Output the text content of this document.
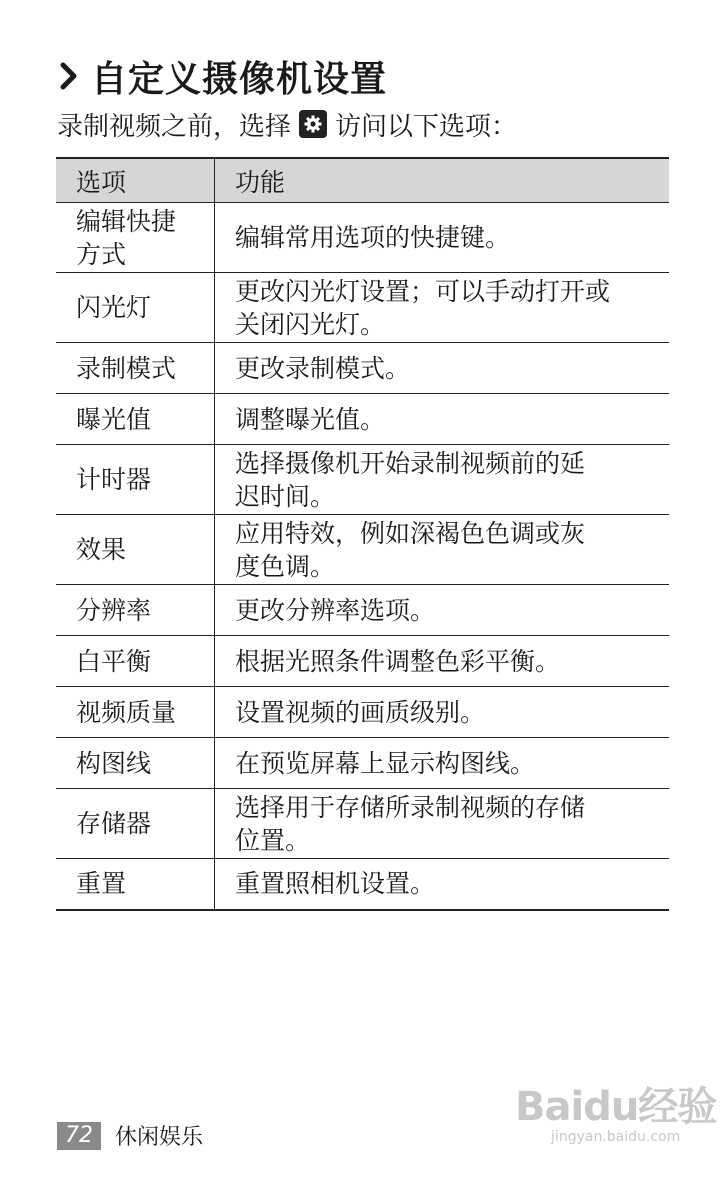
自定义摄像机设置
录制视频之前，选择 访问以下选项：
选项	功能
编辑快捷
方式	编辑常用选项的快捷键。
闪光灯	更改闪光灯设置；可以手动打开或
关闭闪光灯。
录制模式	更改录制模式。
曝光值	调整曝光值。
计时器	选择摄像机开始录制视频前的延
迟时间。
效果	应用特效，例如深褐色色调或灰
度色调。
分辨率	更改分辨率选项。
白平衡	根据光照条件调整色彩平衡。
视频质量	设置视频的画质级别。
构图线	在预览屏幕上显示构图线。
存储器	选择用于存储所录制视频的存储
位置。
重置	重置照相机设置。
72	休闲娱乐
Baidu经验
jingyan.baidu.com
